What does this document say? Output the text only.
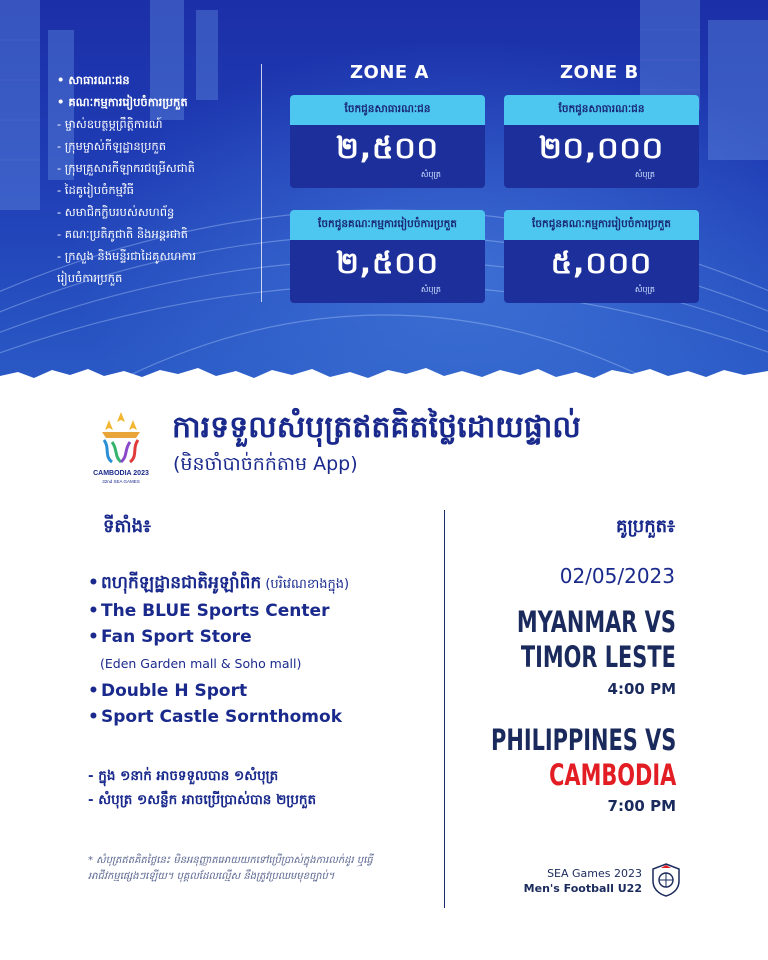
• សាធារណៈជន
• គណៈកម្មការរៀបចំការប្រកួត
- ម្ចាស់ឧបត្ថម្ភព្រឹត្តិការណ៍
- ក្រុមម្ចាស់កីឡដ្ឋានប្រកួត
- ក្រុមគ្រួសារកីឡាករជម្រើសជាតិ
- ដៃគូរៀបចំកម្មវិធី
- សមាជិកក្លិបរបស់សហព័ន្ធ
- គណៈប្រតិភូជាតិ និងអន្តរជាតិ
- ក្រសួង និងមន្ទីរជាដៃគូសហការ
រៀបចំការប្រកួត
ZONE A	ZONE B
ចែកជូនសាធារណៈជន
២,៥០០
សំបុត្រ
ចែកជូនសាធារណៈជន
២០,០០០
សំបុត្រ
ចែកជូនគណៈកម្មការរៀបចំការប្រកួត
២,៥០០
សំបុត្រ
ចែកជូនគណៈកម្មការរៀបចំការប្រកួត
៥,០០០
សំបុត្រ
CAMBODIA 2023
32nd SEA GAMES
ការទទួលសំបុត្រឥតគិតថ្លៃដោយផ្ទាល់
(មិនចាំបាច់កក់តាម App)
ទីតាំង៖
• ពហុកីឡដ្ឋានជាតិអូឡាំពិក (បរិវេណខាងក្នុង)
• The BLUE Sports Center
• Fan Sport Store
(Eden Garden mall & Soho mall)
• Double H Sport
• Sport Castle Sornthomok
- ក្នុង ១នាក់ អាចទទួលបាន ១សំបុត្រ
- សំបុត្រ ១សន្លឹក អាចប្រើប្រាស់បាន ២ប្រកួត
* សំបុត្រឥតគិតថ្លៃនេះ មិនអនុញ្ញាតអោយយកទៅប្រើប្រាស់ក្នុងការលក់ដូរ ឬធ្វើអាជីវកម្មផ្សេងៗឡើយ។ បុគ្គលដែលល្មើស នឹងត្រូវប្រឈមមុខច្បាប់។
គូប្រកួត៖
02/05/2023
MYANMAR VS
TIMOR LESTE
4:00 PM
PHILIPPINES VS
CAMBODIA
7:00 PM
SEA Games 2023
Men's Football U22
